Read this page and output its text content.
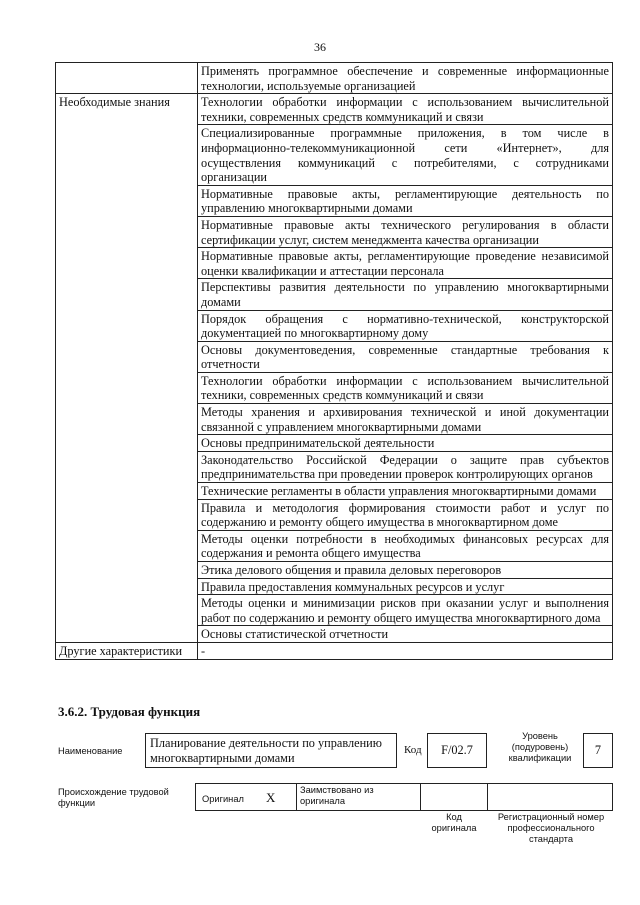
36
	Применять программное обеспечение и современные информационные технологии, используемые организацией
Необходимые знания	Технологии обработки информации с использованием вычислительной техники, современных средств коммуникаций и связи
	Специализированные программные приложения, в том числе в информационно-телекоммуникационной сети «Интернет», для осуществления коммуникаций с потребителями, с сотрудниками организации
	Нормативные правовые акты, регламентирующие деятельность по управлению многоквартирными домами
	Нормативные правовые акты технического регулирования в области сертификации услуг, систем менеджмента качества организации
	Нормативные правовые акты, регламентирующие проведение независимой оценки квалификации и аттестации персонала
	Перспективы развития деятельности по управлению многоквартирными домами
	Порядок обращения с нормативно-технической, конструкторской документацией по многоквартирному дому
	Основы документоведения, современные стандартные требования к отчетности
	Технологии обработки информации с использованием вычислительной техники, современных средств коммуникаций и связи
	Методы хранения и архивирования технической и иной документации связанной с управлением многоквартирными домами
	Основы предпринимательской деятельности
	Законодательство Российской Федерации о защите прав субъектов предпринимательства при проведении проверок контролирующих органов
	Технические регламенты в области управления многоквартирными домами
	Правила и методология формирования стоимости работ и услуг по содержанию и ремонту общего имущества в многоквартирном доме
	Методы оценки потребности в необходимых финансовых ресурсах для содержания и ремонта общего имущества
	Этика делового общения и правила деловых переговоров
	Правила предоставления коммунальных ресурсов и услуг
	Методы оценки и минимизации рисков при оказании услуг и выполнения работ по содержанию и ремонту общего имущества многоквартирного дома
	Основы статистической отчетности
Другие характеристики	-
3.6.2. Трудовая функция
Наименование
Планирование деятельности по управлению многоквартирными домами
Код	F/02.7
Уровень (подуровень) квалификации
7
Происхождение трудовой функции	Оригинал X	Заимствовано из оригинала
Код оригинала
Регистрационный номер профессионального стандарта
